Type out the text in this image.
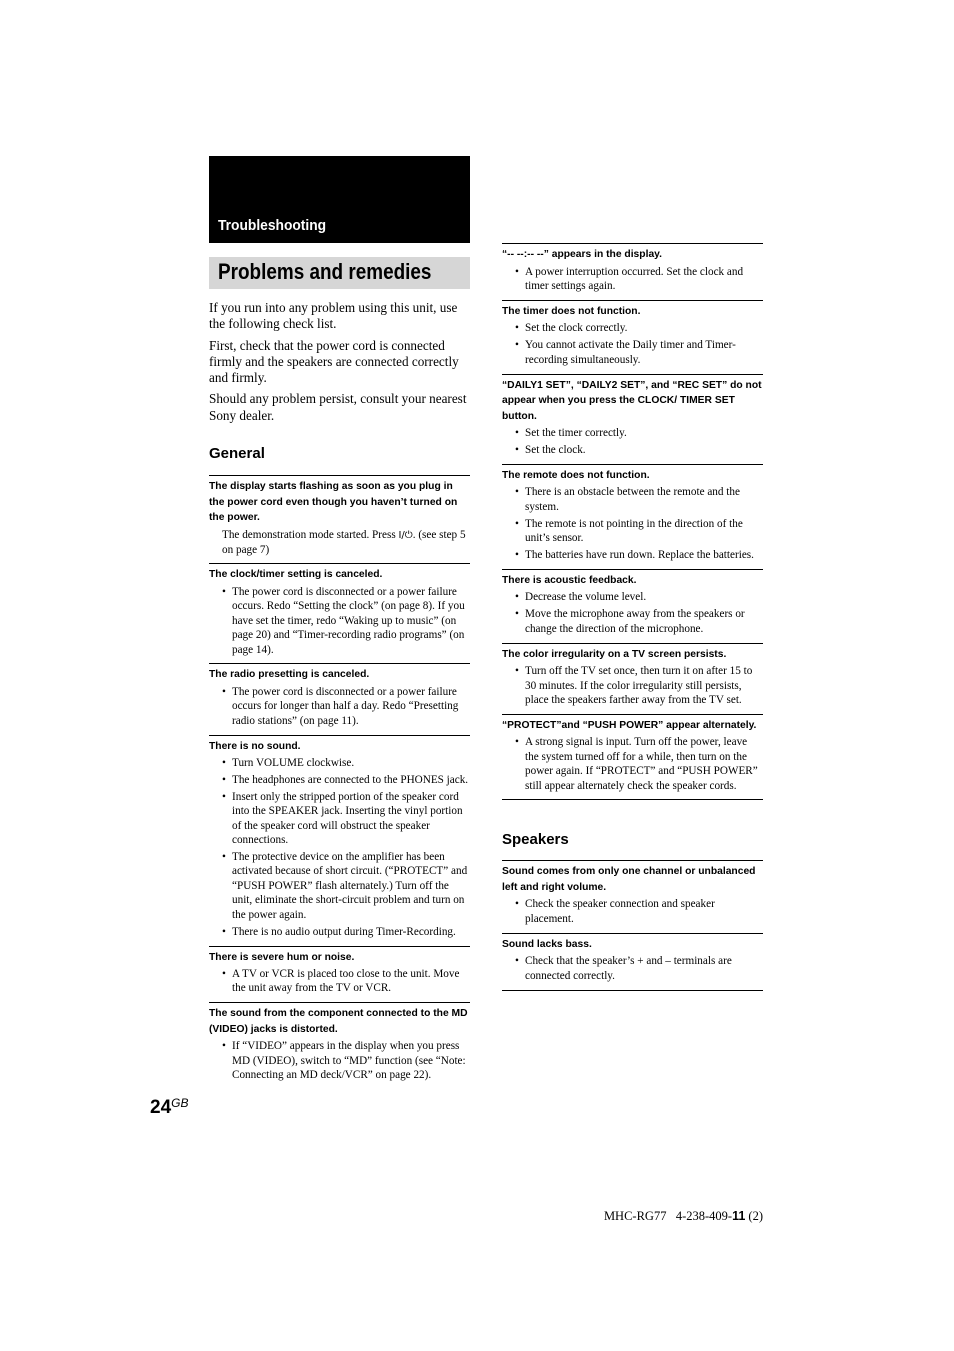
Troubleshooting
Problems and remedies

If you run into any problem using this unit, use the following check list.

First, check that the power cord is connected firmly and the speakers are connected correctly and firmly.

Should any problem persist, consult your nearest Sony dealer.

General
The display starts flashing as soon as you plug in the power cord even though you haven’t turned on the power.
The demonstration mode started. Press I/⏻. (see step 5 on page 7)
The clock/timer setting is canceled.
• The power cord is disconnected or a power failure occurs. Redo “Setting the clock” (on page 8). If you have set the timer, redo “Waking up to music” (on page 20) and “Timer-recording radio programs” (on page 14).
The radio presetting is canceled.
• The power cord is disconnected or a power failure occurs for longer than half a day. Redo “Presetting radio stations” (on page 11).
There is no sound.
• Turn VOLUME clockwise.
• The headphones are connected to the PHONES jack.
• Insert only the stripped portion of the speaker cord into the SPEAKER jack. Inserting the vinyl portion of the speaker cord will obstruct the speaker connections.
• The protective device on the amplifier has been activated because of short circuit. (“PROTECT” and “PUSH POWER” flash alternately.) Turn off the unit, eliminate the short-circuit problem and turn on the power again.
• There is no audio output during Timer-Recording.
There is severe hum or noise.
• A TV or VCR is placed too close to the unit. Move the unit away from the TV or VCR.
The sound from the component connected to the MD (VIDEO) jacks is distorted.
• If “VIDEO” appears in the display when you press MD (VIDEO), switch to “MD” function (see “Note: Connecting an MD deck/VCR” on page 22).
“-- --:-- --” appears in the display.
• A power interruption occurred. Set the clock and timer settings again.
The timer does not function.
• Set the clock correctly.
• You cannot activate the Daily timer and Timer-recording simultaneously.
“DAILY1 SET”, “DAILY2 SET”, and “REC SET” do not appear when you press the CLOCK/ TIMER SET button.
• Set the timer correctly.
• Set the clock.
The remote does not function.
• There is an obstacle between the remote and the system.
• The remote is not pointing in the direction of the unit’s sensor.
• The batteries have run down. Replace the batteries.
There is acoustic feedback.
• Decrease the volume level.
• Move the microphone away from the speakers or change the direction of the microphone.
The color irregularity on a TV screen persists.
• Turn off the TV set once, then turn it on after 15 to 30 minutes. If the color irregularity still persists, place the speakers farther away from the TV set.
“PROTECT”and “PUSH POWER” appear alternately.
• A strong signal is input. Turn off the power, leave the system turned off for a while, then turn on the power again. If “PROTECT” and “PUSH POWER” still appear alternately check the speaker cords.
Speakers
Sound comes from only one channel or unbalanced left and right volume.
• Check the speaker connection and speaker placement.
Sound lacks bass.
• Check that the speaker’s + and – terminals are connected correctly.
$24^{GB}$
MHC-RG77 4-238-409-11 (2)
